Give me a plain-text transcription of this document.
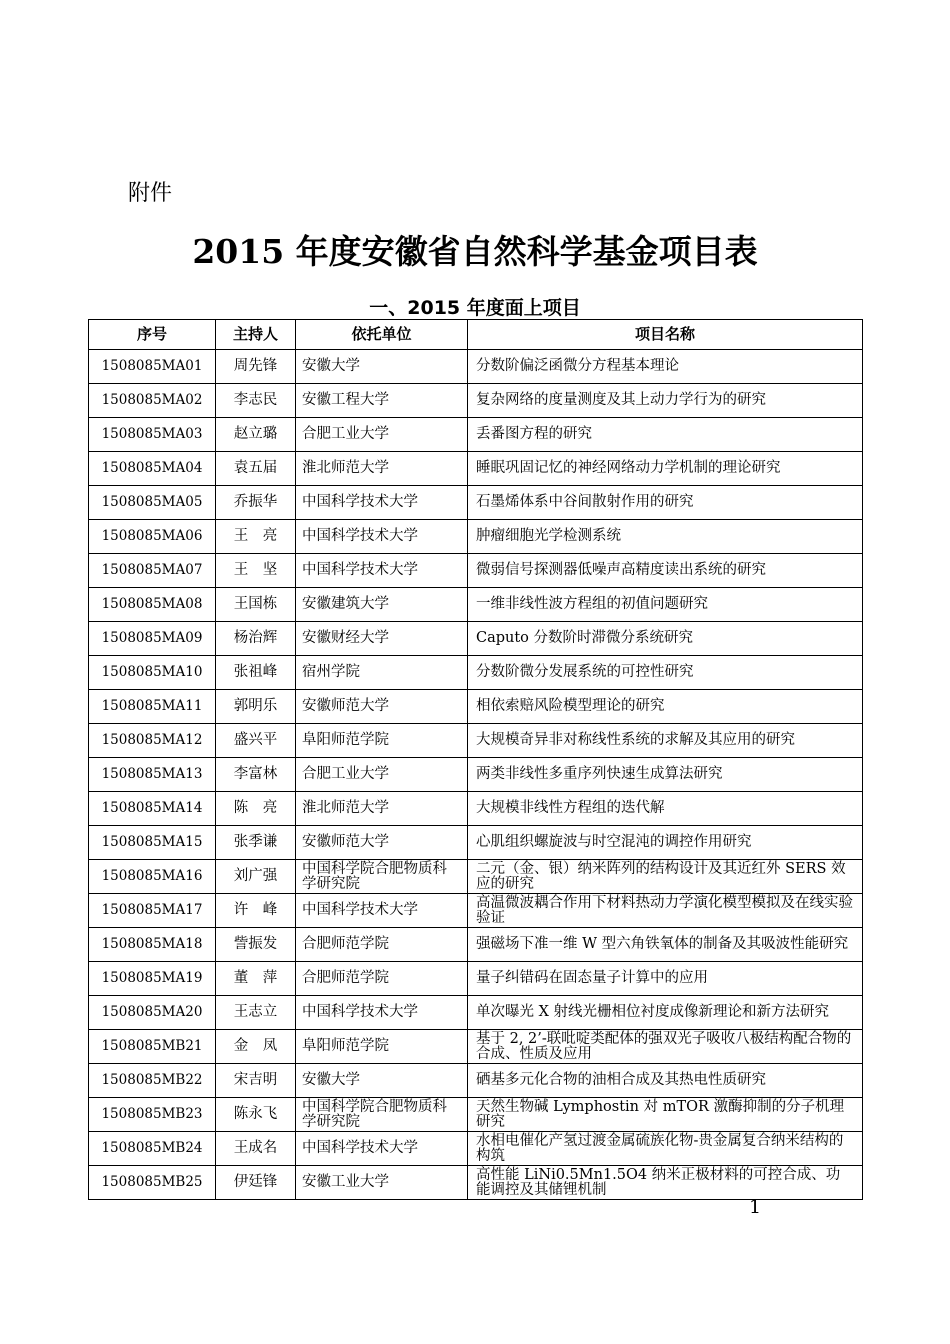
附件
2015 年度安徽省自然科学基金项目表
一、2015 年度面上项目
序号	主持人	依托单位	项目名称
1508085MA01	周先锋	安徽大学	分数阶偏泛函微分方程基本理论
1508085MA02	李志民	安徽工程大学	复杂网络的度量测度及其上动力学行为的研究
1508085MA03	赵立璐	合肥工业大学	丢番图方程的研究
1508085MA04	袁五届	淮北师范大学	睡眠巩固记忆的神经网络动力学机制的理论研究
1508085MA05	乔振华	中国科学技术大学	石墨烯体系中谷间散射作用的研究
1508085MA06	王　亮	中国科学技术大学	肿瘤细胞光学检测系统
1508085MA07	王　坚	中国科学技术大学	微弱信号探测器低噪声高精度读出系统的研究
1508085MA08	王国栋	安徽建筑大学	一维非线性波方程组的初值问题研究
1508085MA09	杨治辉	安徽财经大学	Caputo 分数阶时滞微分系统研究
1508085MA10	张祖峰	宿州学院	分数阶微分发展系统的可控性研究
1508085MA11	郭明乐	安徽师范大学	相依索赔风险模型理论的研究
1508085MA12	盛兴平	阜阳师范学院	大规模奇异非对称线性系统的求解及其应用的研究
1508085MA13	李富林	合肥工业大学	两类非线性多重序列快速生成算法研究
1508085MA14	陈　亮	淮北师范大学	大规模非线性方程组的迭代解
1508085MA15	张季谦	安徽师范大学	心肌组织螺旋波与时空混沌的调控作用研究
1508085MA16	刘广强	中国科学院合肥物质科学研究院	二元（金、银）纳米阵列的结构设计及其近红外 SERS 效应的研究
1508085MA17	许　峰	中国科学技术大学	高温微波耦合作用下材料热动力学演化模型模拟及在线实验验证
1508085MA18	訾振发	合肥师范学院	强磁场下准一维 W 型六角铁氧体的制备及其吸波性能研究
1508085MA19	董　萍	合肥师范学院	量子纠错码在固态量子计算中的应用
1508085MA20	王志立	中国科学技术大学	单次曝光 X 射线光栅相位衬度成像新理论和新方法研究
1508085MB21	金　凤	阜阳师范学院	基于 2, 2’-联吡啶类配体的强双光子吸收八极结构配合物的合成、性质及应用
1508085MB22	宋吉明	安徽大学	硒基多元化合物的油相合成及其热电性质研究
1508085MB23	陈永飞	中国科学院合肥物质科学研究院	天然生物碱 Lymphostin 对 mTOR 激酶抑制的分子机理研究
1508085MB24	王成名	中国科学技术大学	水相电催化产氢过渡金属硫族化物-贵金属复合纳米结构的构筑
1508085MB25	伊廷锋	安徽工业大学	高性能 LiNi0.5Mn1.5O4 纳米正极材料的可控合成、功能调控及其储锂机制
1
